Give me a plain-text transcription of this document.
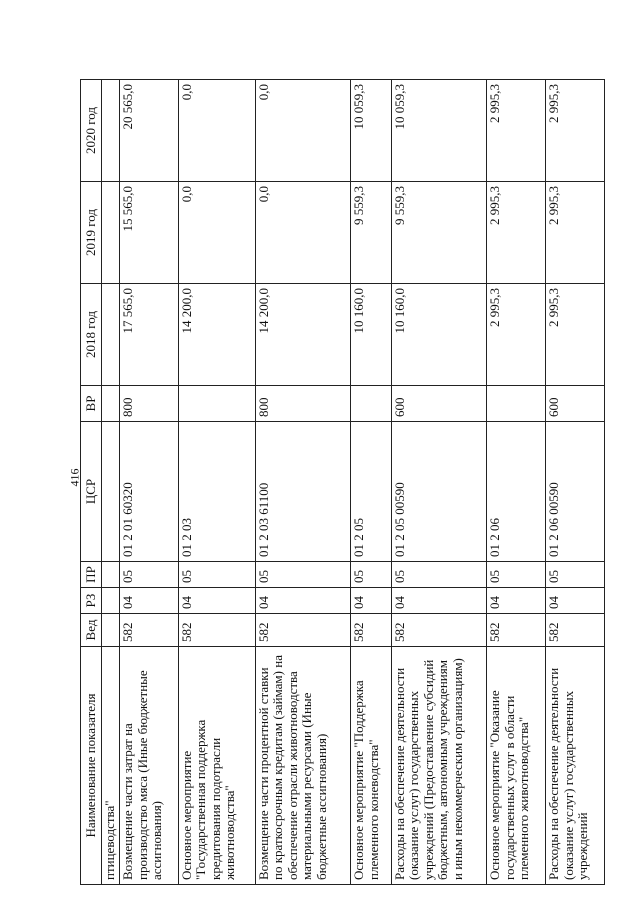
416
Наименование показателя	Вед	РЗ	ПР	ЦСР	ВР	2018 год	2019 год	2020 год
птицеводства"								
Возмещение части затрат на производство мяса (Иные бюджетные ассигнования)	582	04	05	01 2 01 60320	800	17 565,0	15 565,0	20 565,0
Основное мероприятие "Государственная поддержка кредитования подотрасли животноводства"	582	04	05	01 2 03		14 200,0	0,0	0,0
Возмещение части процентной ставки по краткосрочным кредитам (займам) на обеспечение отрасли животноводства материальными ресурсами (Иные бюджетные ассигнования)	582	04	05	01 2 03 61100	800	14 200,0	0,0	0,0
Основное мероприятие "Поддержка племенного коневодства"	582	04	05	01 2 05		10 160,0	9 559,3	10 059,3
Расходы на обеспечение деятельности (оказание услуг) государственных учреждений (Предоставление субсидий бюджетным, автономным учреждениям и иным некоммерческим организациям)	582	04	05	01 2 05 00590	600	10 160,0	9 559,3	10 059,3
Основное мероприятие "Оказание государственных услуг в области племенного животноводства"	582	04	05	01 2 06		2 995,3	2 995,3	2 995,3
Расходы на обеспечение деятельности (оказание услуг) государственных учреждений	582	04	05	01 2 06 00590	600	2 995,3	2 995,3	2 995,3
